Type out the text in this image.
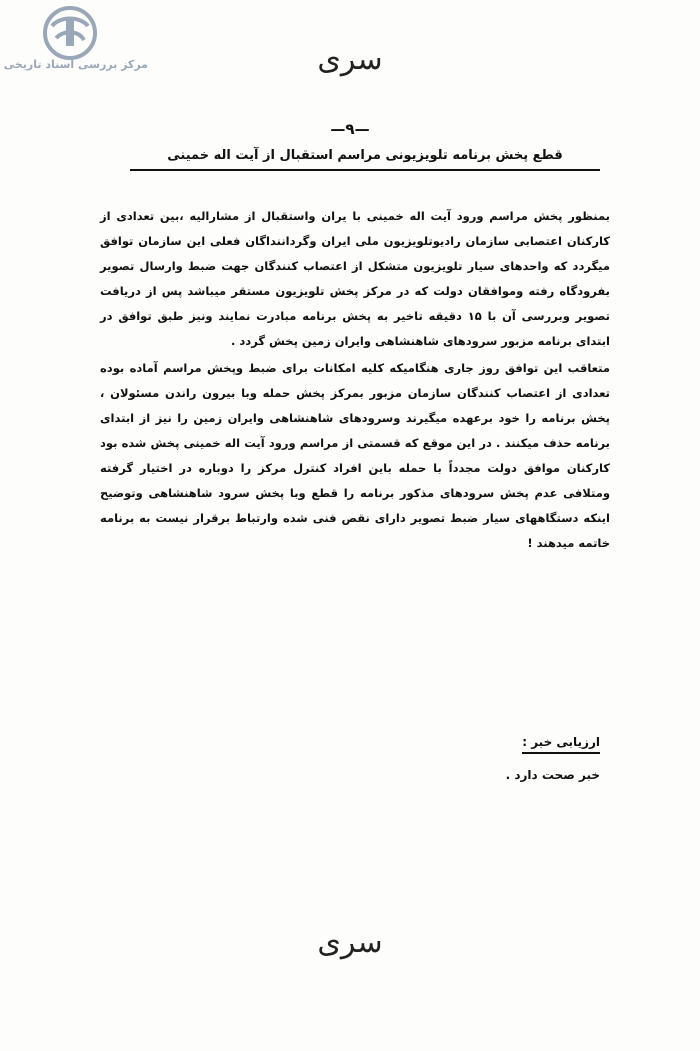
مرکز بررسی اسناد تاریخی	سری
—۹—
قطع پخش برنامه تلویزیونی مراسم استقبال از آیت اله خمینی

بمنظور پخش مراسم ورود آیت اله خمینی با یران واستقبال از مشارالیه ،بین تعدادی از کارکنان اعتصابی سازمان رادیوتلویزیون ملی ایران وگرداننداگان فعلی این سازمان توافق میگردد که واحدهای سیار تلویزیون متشکل از اعتصاب کنندگان جهت ضبط وارسال تصویر بفرودگاه رفته وموافقان دولت که در مرکز پخش تلویزیون مستقر میباشد پس از دریافت تصویر وبررسی آن با ۱۵ دقیقه تاخیر به پخش برنامه مبادرت نمایند ونیز طبق توافق در ابتدای برنامه مزبور سرودهای شاهنشاهی وایران زمین پخش گردد .

متعاقب این توافق روز جاری هنگامیکه کلیه امکانات برای ضبط وپخش مراسم آماده بوده تعدادی از اعتصاب کنندگان سازمان مزبور بمرکز پخش حمله وبا بیرون راندن مسئولان ، پخش برنامه را خود برعهده میگیرند وسرودهای شاهنشاهی وایران زمین را نیز از ابتدای برنامه حذف میکنند . در این موقع که قسمتی از مراسم ورود آیت اله خمینی پخش شده بود کارکنان موافق دولت مجدداً با حمله باین افراد کنترل مرکز را دوباره در اختیار گرفته ومتلافی عدم پخش سرودهای مذکور برنامه را قطع وبا پخش سرود شاهنشاهی وتوضیح اینکه دستگاههای سیار ضبط تصویر دارای نقص فنی شده وارتباط برقرار نیست به برنامه خاتمه میدهند !

ارزیابی خبر :
خبر صحت دارد .
سری
